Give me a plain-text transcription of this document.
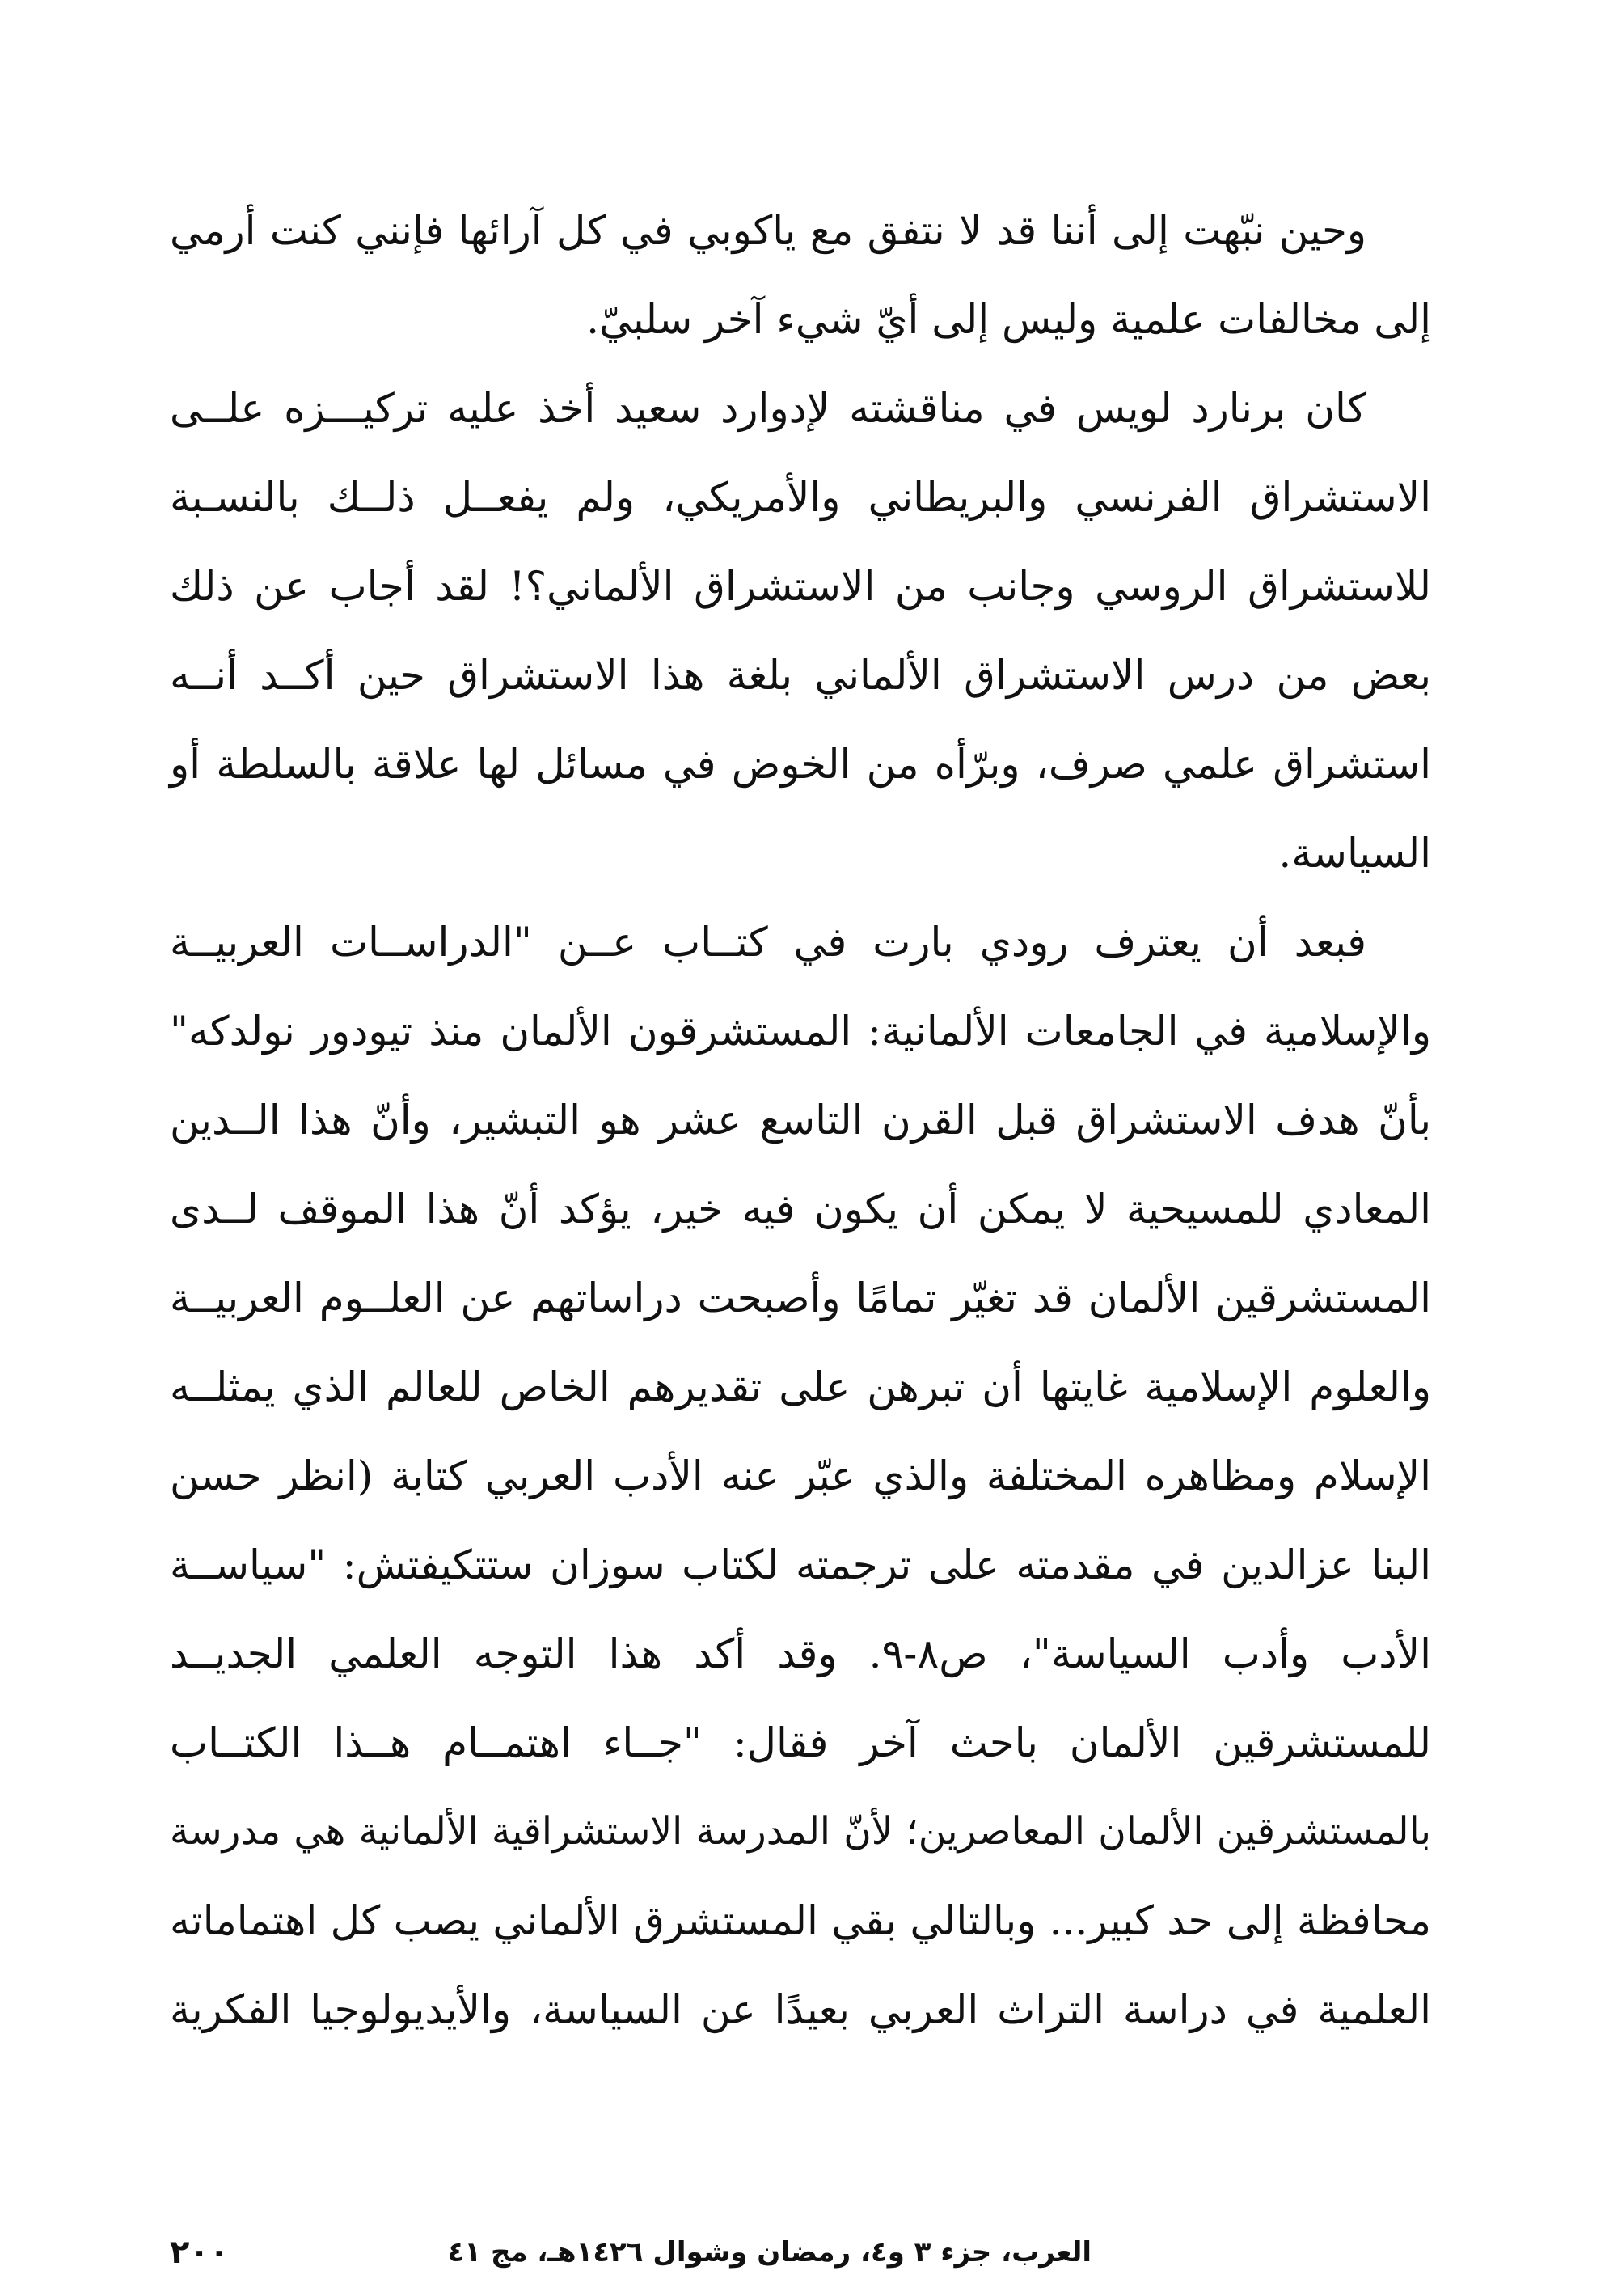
وحين نبّهت إلى أننا قد لا نتفق مع ياكوبي في كل آرائها فإنني كنت أرمي
إلى مخالفات علمية وليس إلى أيّ شيء آخر سلبيّ.
كان برنارد لويس في مناقشته لإدوارد سعيد أخذ عليه تركيـــزه علــى
الاستشراق الفرنسي والبريطاني والأمريكي، ولم يفعــل ذلــك بالنسـبة
للاستشراق الروسي وجانب من الاستشراق الألماني؟! لقد أجاب عن ذلك
بعض من درس الاستشراق الألماني بلغة هذا الاستشراق حين أكــد أنــه
استشراق علمي صرف، وبرّأه من الخوض في مسائل لها علاقة بالسلطة أو
السياسة.
فبعد أن يعترف رودي بارت في كتــاب عــن "الدراســات العربيــة
والإسلامية في الجامعات الألمانية: المستشرقون الألمان منذ تيودور نولدكه"
بأنّ هدف الاستشراق قبل القرن التاسع عشر هو التبشير، وأنّ هذا الــدين
المعادي للمسيحية لا يمكن أن يكون فيه خير، يؤكد أنّ هذا الموقف لــدى
المستشرقين الألمان قد تغيّر تمامًا وأصبحت دراساتهم عن العلــوم العربيــة
والعلوم الإسلامية غايتها أن تبرهن على تقديرهم الخاص للعالم الذي يمثلــه
الإسلام ومظاهره المختلفة والذي عبّر عنه الأدب العربي كتابة (انظر حسن
البنا عزالدين في مقدمته على ترجمته لكتاب سوزان ستتكيفتش: "سياســة
الأدب وأدب السياسة"، ص٨-٩. وقد أكد هذا التوجه العلمي الجديــد
للمستشرقين الألمان باحث آخر فقال: "جــاء اهتمــام هــذا الكتــاب
بالمستشرقين الألمان المعاصرين؛ لأنّ المدرسة الاستشراقية الألمانية هي مدرسة
محافظة إلى حد كبير... وبالتالي بقي المستشرق الألماني يصب كل اهتماماته
العلمية في دراسة التراث العربي بعيدًا عن السياسة، والأيديولوجيا الفكرية
العرب، جزء ٣ و٤، رمضان وشوال ١٤٢٦هـ، مج ٤١
٢٠٠
